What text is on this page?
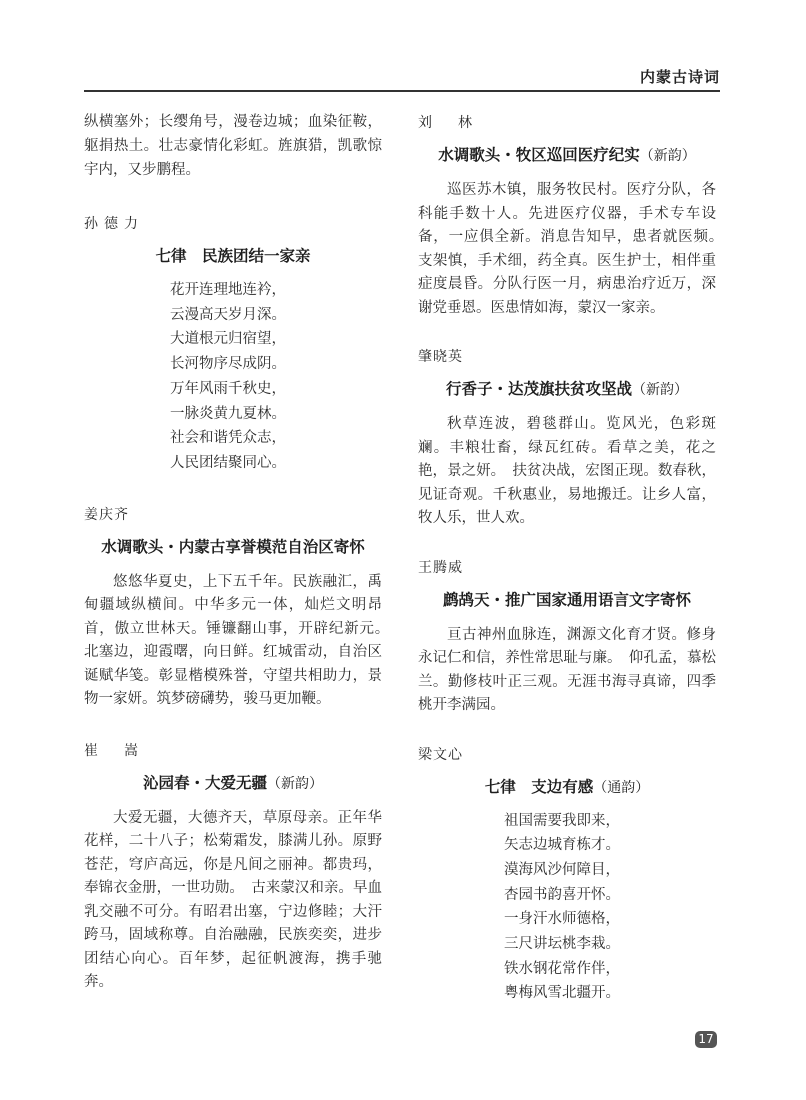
内蒙古诗词

纵横塞外；长缨角号，漫卷边城；血染征鞍，躯捐热土。壮志豪情化彩虹。旌旗猎，凯歌惊宇内，又步鹏程。

孙德力

七律　民族团结一家亲

花开连理地连衿，
云漫高天岁月深。
大道根元归宿望，
长河物序尽成阴。
万年风雨千秋史，
一脉炎黄九夏林。
社会和谐凭众志，
人民团结聚同心。

姜庆齐

水调歌头・内蒙古享誉模范自治区寄怀

悠悠华夏史，上下五千年。民族融汇，禹甸疆域纵横间。中华多元一体，灿烂文明昂首，傲立世林天。锤镰翻山事，开辟纪新元。　北塞边，迎霞曙，向日鲜。红城雷动，自治区诞赋华笺。彰显楷模殊誉，守望共相助力，景物一家妍。筑梦磅礴势，骏马更加鞭。

崔　嵩

沁园春・大爱无疆（新韵）

大爱无疆，大德齐天，草原母亲。正年华花样，二十八子；松菊霜发，膝满儿孙。原野苍茫，穹庐高远，你是凡间之丽神。都贵玛，奉锦衣金册，一世功勋。　古来蒙汉和亲。早血乳交融不可分。有昭君出塞，宁边修睦；大汗跨马，固域称尊。自治融融，民族奕奕，进步团结心向心。百年梦，起征帆渡海，携手驰奔。

刘　林

水调歌头・牧区巡回医疗纪实（新韵）

巡医苏木镇，服务牧民村。医疗分队，各科能手数十人。先进医疗仪器，手术专车设备，一应俱全新。消息告知早，患者就医频。　支架慎，手术细，药全真。医生护士，相伴重症度晨昏。分队行医一月，病患治疗近万，深谢党垂恩。医患情如海，蒙汉一家亲。

肇晓英

行香子・达茂旗扶贫攻坚战（新韵）

秋草连波，碧毯群山。览风光，色彩斑斓。丰粮壮畜，绿瓦红砖。看草之美，花之艳，景之妍。　扶贫决战，宏图正现。数春秋，见证奇观。千秋惠业，易地搬迁。让乡人富，牧人乐，世人欢。

王腾威

鹧鸪天・推广国家通用语言文字寄怀

亘古神州血脉连，渊源文化育才贤。修身永记仁和信，养性常思耻与廉。　仰孔孟，慕松兰。勤修枝叶正三观。无涯书海寻真谛，四季桃开李满园。

梁文心

七律　支边有感（通韵）

祖国需要我即来，
矢志边城育栋才。
漠海风沙何障目，
杏园书韵喜开怀。
一身汗水师德格，
三尺讲坛桃李栽。
铁水钢花常作伴，
粤梅风雪北疆开。
17
